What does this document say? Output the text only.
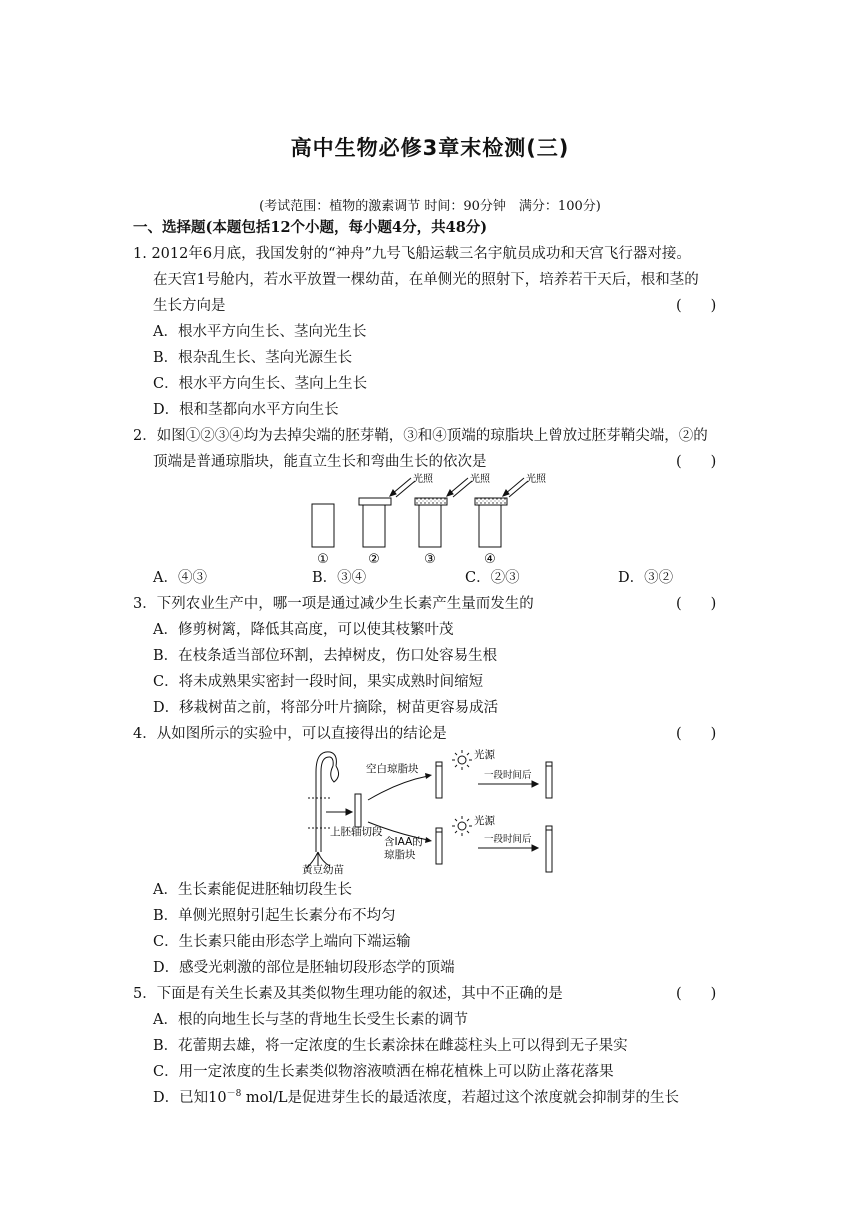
高中生物必修3章末检测(三)
(考试范围：植物的激素调节 时间：90分钟　满分：100分)
一、选择题(本题包括12个小题，每小题4分，共48分)
1. 2012年6月底，我国发射的“神舟”九号飞船运载三名宇航员成功和天宫飞行器对接。
在天宫1号舱内，若水平放置一棵幼苗，在单侧光的照射下，培养若干天后，根和茎的
生长方向是	(　　)
A．根水平方向生长、茎向光生长
B．根杂乱生长、茎向光源生长
C．根水平方向生长、茎向上生长
D．根和茎都向水平方向生长
2．如图①②③④均为去掉尖端的胚芽鞘，③和④顶端的琼脂块上曾放过胚芽鞘尖端，②的
顶端是普通琼脂块，能直立生长和弯曲生长的依次是	(　　)
光照	光照	光照
①	②	③	④
A．④③	B．③④	C．②③	D．③②
3．下列农业生产中，哪一项是通过减少生长素产生量而发生的	(　　)
A．修剪树篱，降低其高度，可以使其枝繁叶茂
B．在枝条适当部位环割，去掉树皮，伤口处容易生根
C．将未成熟果实密封一段时间，果实成熟时间缩短
D．移栽树苗之前，将部分叶片摘除，树苗更容易成活
4．从如图所示的实验中，可以直接得出的结论是	(　　)
空白琼脂块
光源
一段时间后
光源
一段时间后
上胚轴切段
含IAA的
琼脂块
黄豆幼苗
A．生长素能促进胚轴切段生长
B．单侧光照射引起生长素分布不均匀
C．生长素只能由形态学上端向下端运输
D．感受光刺激的部位是胚轴切段形态学的顶端
5．下面是有关生长素及其类似物生理功能的叙述，其中不正确的是	(　　)
A．根的向地生长与茎的背地生长受生长素的调节
B．花蕾期去雄，将一定浓度的生长素涂抹在雌蕊柱头上可以得到无子果实
C．用一定浓度的生长素类似物溶液喷洒在棉花植株上可以防止落花落果
D．已知$10^{-8}$ mol/L是促进芽生长的最适浓度，若超过这个浓度就会抑制芽的生长
